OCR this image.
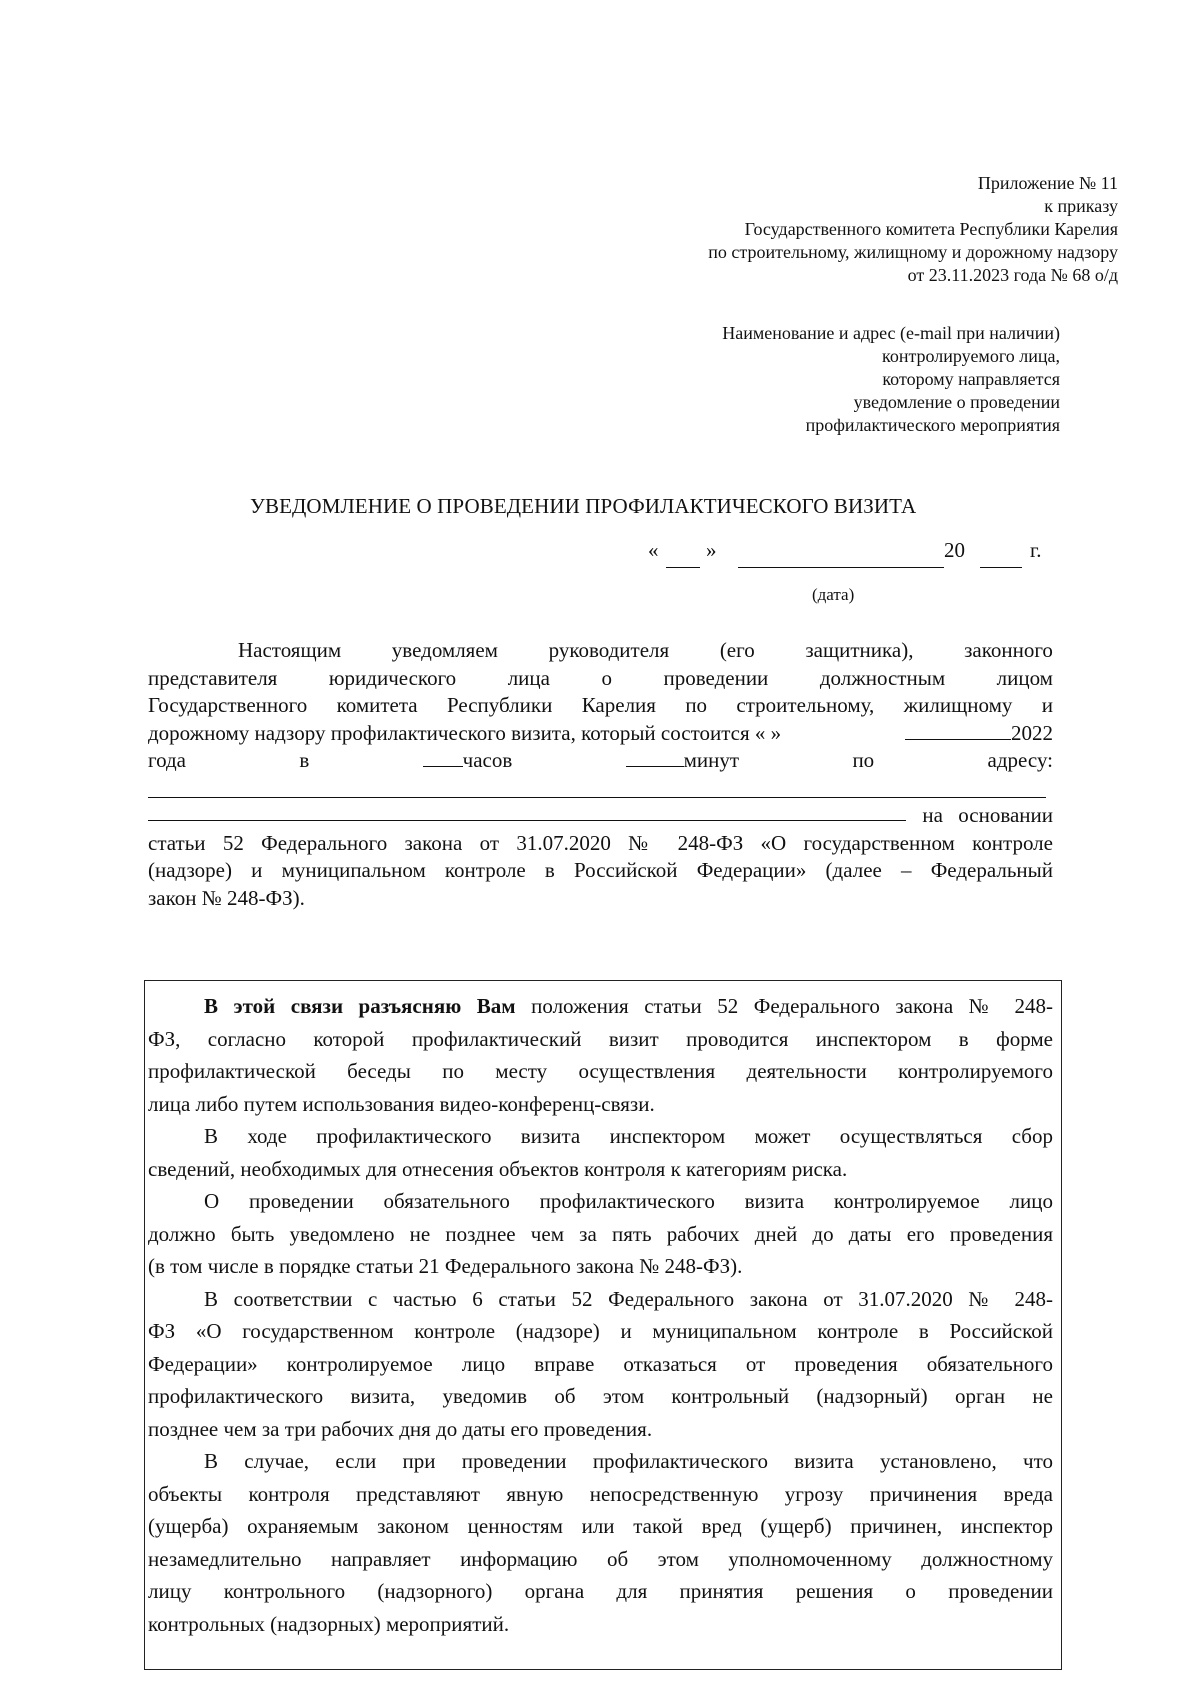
Приложение № 11
к приказу
Государственного комитета Республики Карелия
по строительному, жилищному и дорожному надзору
от 23.11.2023 года № 68 о/д
Наименование и адрес (e-mail при наличии)
контролируемого лица,
которому направляется
уведомление о проведении
профилактического мероприятия
УВЕДОМЛЕНИЕ О ПРОВЕДЕНИИ ПРОФИЛАКТИЧЕСКОГО ВИЗИТА
« »	20	г.
(дата)
Настоящим уведомляем руководителя (его защитника), законного
представителя юридического лица о проведении должностным лицом
Государственного комитета Республики Карелия по строительному, жилищному и
дорожному надзору профилактического визита, который состоится « »	2022
года	в	часов	минут	по	адресу:
на основании
статьи 52 Федерального закона от 31.07.2020 № 248-ФЗ «О государственном контроле
(надзоре) и муниципальном контроле в Российской Федерации» (далее – Федеральный
закон № 248-ФЗ).
В этой связи разъясняю Вам положения статьи 52 Федерального закона № 248-
ФЗ, согласно которой профилактический визит проводится инспектором в форме
профилактической беседы по месту осуществления деятельности контролируемого
лица либо путем использования видео-конференц-связи.
В ходе профилактического визита инспектором может осуществляться сбор
сведений, необходимых для отнесения объектов контроля к категориям риска.
О проведении обязательного профилактического визита контролируемое лицо
должно быть уведомлено не позднее чем за пять рабочих дней до даты его проведения
(в том числе в порядке статьи 21 Федерального закона № 248-ФЗ).
В соответствии с частью 6 статьи 52 Федерального закона от 31.07.2020 № 248-
ФЗ «О государственном контроле (надзоре) и муниципальном контроле в Российской
Федерации» контролируемое лицо вправе отказаться от проведения обязательного
профилактического визита, уведомив об этом контрольный (надзорный) орган не
позднее чем за три рабочих дня до даты его проведения.
В случае, если при проведении профилактического визита установлено, что
объекты контроля представляют явную непосредственную угрозу причинения вреда
(ущерба) охраняемым законом ценностям или такой вред (ущерб) причинен, инспектор
незамедлительно направляет информацию об этом уполномоченному должностному
лицу контрольного (надзорного) органа для принятия решения о проведении
контрольных (надзорных) мероприятий.
